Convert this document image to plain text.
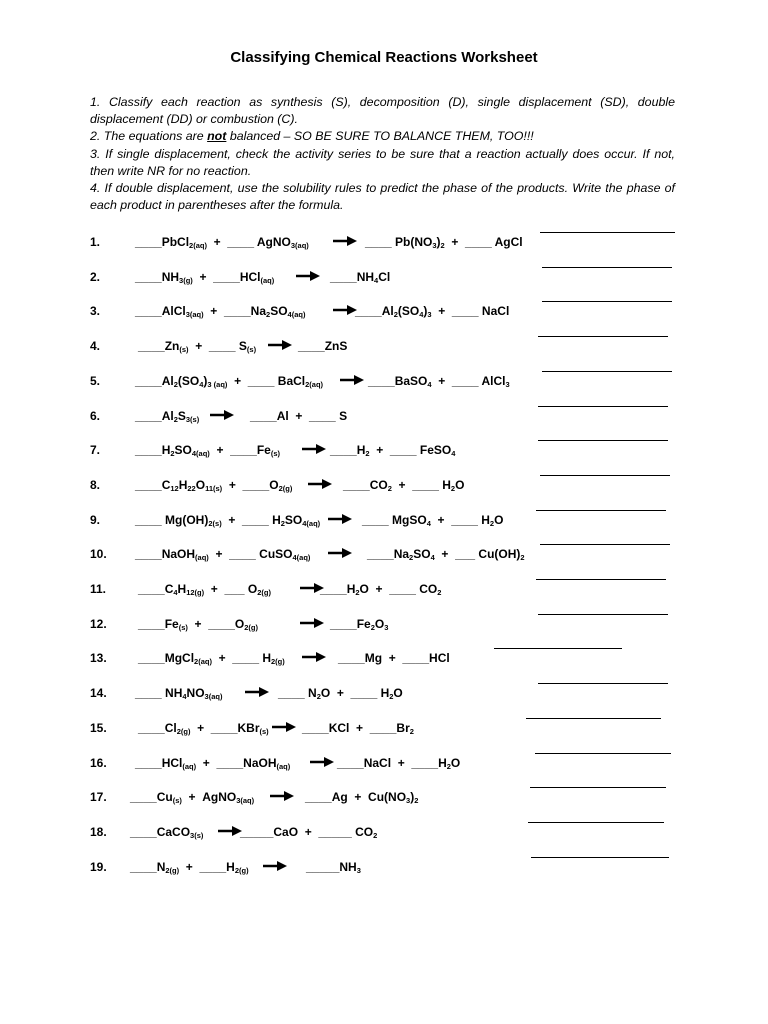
Classifying Chemical Reactions Worksheet

1. Classify each reaction as synthesis (S), decomposition (D), single displacement (SD), double displacement (DD) or combustion (C).

2. The equations are not balanced – SO BE SURE TO BALANCE THEM, TOO!!!

3. If single displacement, check the activity series to be sure that a reaction actually does occur. If not, then write NR for no reaction.

4. If double displacement, use the solubility rules to predict the phase of the products. Write the phase of each product in parentheses after the formula.

1.	____PbCl$_{2(aq)}$  +  ____ AgNO$_{3(aq)}$ → ____ $Pb(NO_3)_2$  +  ____ AgCl
2.	$\_\_\_\_NH_{3(g)}$  +  ____HCl$_{(aq)}$ → $\_\_\_\_NH_4Cl$
3.	____AlCl$_{3(aq)}$  +  $\_\_\_\_Na_2SO_{4(aq)}$	$\_\_\_\_Al_2(SO_4)_3$  +  ____ NaCl
4.	$\_\_\_\_Zn_{(s)}$  +  ____ $S_{(s)}$ → ____ZnS
5.	$\_\_\_\_Al_2(SO_4)_{3 (aq)}$  +  ____ BaCl$_{2(aq)}$ → ____BaSO$_4$  +  ____ AlCl$_3$
6.	$\_\_\_\_Al_2S_{3(s)}$ → ____Al  +  ____ S
7.	$\_\_\_\_H_2SO_{4(aq)}$  +  $\_\_\_\_Fe_{(s)}$ → $\_\_\_\_H_2$  +  ____ FeSO$_4$
8.	$\_\_\_\_C_{12}H_{22}O_{11(s)}$  +  $\_\_\_\_O_{2(g)}$ → $\_\_\_\_CO_2$  +  ____ $H_2O$
9.	____ $Mg(OH)_{2(s)}$  +  ____ $H_2SO_{4(aq)}$ → ____ MgSO$_4$  +  ____ $H_2O$
10. ____NaOH$_{(aq)}$  +  ____ CuSO$_{4(aq)}$ → $\_\_\_\_Na_2SO_4$  +  ___ $Cu(OH)_2$
11.	$\_\_\_\_C_4H_{12(g)}$  +  ___ $O_{2(g)}$	$\_\_\_\_H_2O$  +  ____ $CO_2$
12.	$\_\_\_\_Fe_{(s)}$  +  $\_\_\_\_O_{2(g)}$	→ $\_\_\_\_Fe_2O_3$
13.	____MgCl$_{2(aq)}$  +  ____ $H_{2(g)}$ → ____Mg  +  ____HCl
14. ____ $NH_4NO_{3(aq)}$ → ____ $N_2O$  +  ____ $H_2O$
15.	$\_\_\_\_Cl_{2(g)}$  +  ____KBr$_{(s)}$ → ____KCl  +  $\_\_\_\_Br_2$
16. ____HCl$_{(aq)}$  +  ____NaOH$_{(aq)}$ → ____NaCl  +  $\_\_\_\_H_2O$
17. $\_\_\_\_Cu_{(s)}$  +  AgNO$_{3(aq)}$ → ____Ag  +  $Cu(NO_3)_2$
18. ____CaCO$_{3(s)}$ →
_____CaO  +  _____ $CO_2$
19. $\_\_\_\_N_{2(g)}$  +  $\_\_\_\_H_{2(g)}$ → $\_\_\_\_\_NH_3$
